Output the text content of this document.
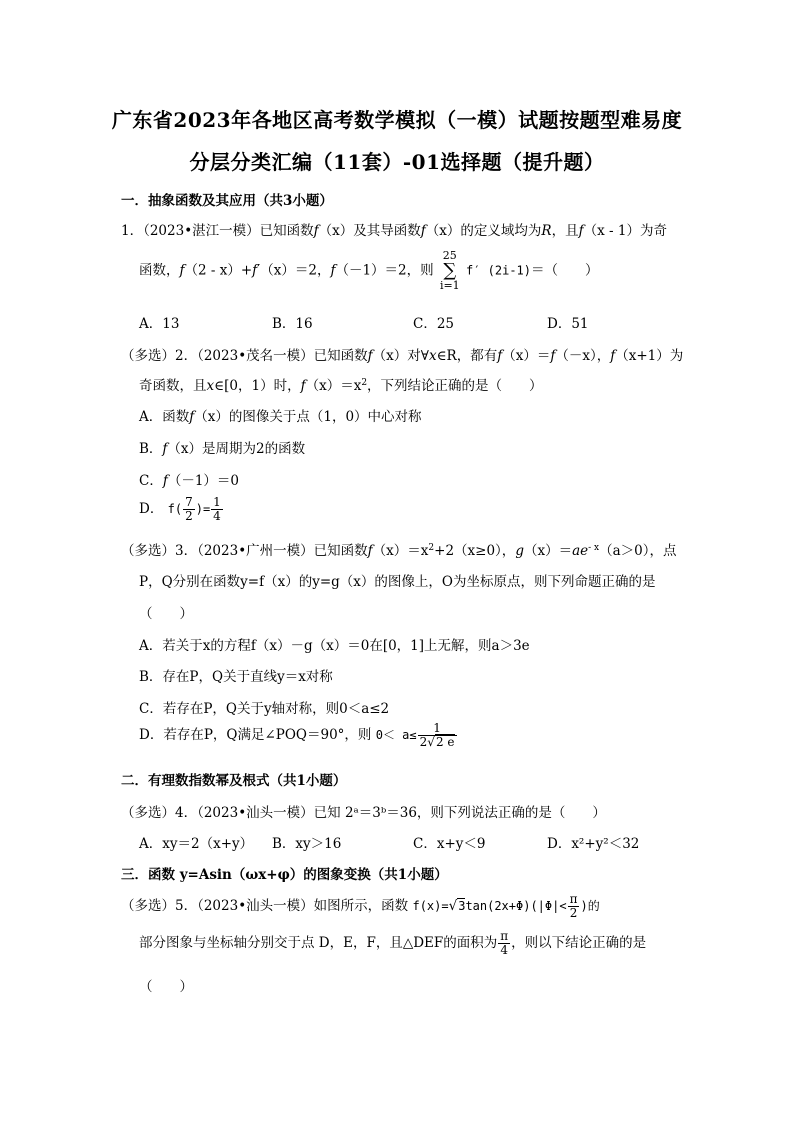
广东省2023年各地区高考数学模拟（一模）试题按题型难易度
分层分类汇编（11套）-01选择题（提升题）
一．抽象函数及其应用（共3小题）
1．（2023•湛江一模）已知函数f（x）及其导函数f（x）的定义域均为R，且f（x - 1）为奇
函数，f（2 - x）+f′（x）＝2，f（－1）＝2，则 25
∑
i=1 f′ (2i-1)＝（　　）
A．13	B．16	C．25	D．51
（多选）2．（2023•茂名一模）已知函数f（x）对∀x∈R，都有f（x）＝f（－x），f（x+1）为
奇函数，且x∈[0，1）时，$f(x)=x^2$，下列结论正确的是（　　）
A．函数f（x）的图像关于点（1，0）中心对称
B．f（x）是周期为2的函数
C．f（－1）＝0
D． $f( \frac{7}{2}$ )= $\frac{1}{4}$
（多选）3．（2023•广州一模）已知函数$f(x)=x^2+2(x\ge 0)$，$g(x)=ae^{- x}(a>0)$，点
P，Q分别在函数y=f（x）的y=g（x）的图像上，O为坐标原点，则下列命题正确的是
（　　）
A．若关于x的方程f（x）－g（x）＝0在[0，1]上无解，则a＞3e
B．存在P，Q关于直线y＝x对称
C．若存在P，Q关于y轴对称，则0＜a≤2
D．若存在P，Q满足∠POQ＝90°，则 $0< a\le \frac{1}{2√2 e}$
二．有理数指数幂及根式（共1小题）
（多选）4．（2023•汕头一模）已知 2ᵃ＝3ᵇ＝36，则下列说法正确的是（　　）
A．xy＝2（x+y） B．xy＞16	C．x+y＜9	D．x²+y²＜32
三．函数 y=Asin（ωx+φ）的图象变换（共1小题）
（多选）5．（2023•汕头一模）如图所示，函数 $f(x)=√3\tan(2x+\Phi)(|\Phi|< \frac{\pi}{2}$ )的
部分图象与坐标轴分别交于点 D，E，F，且△DEF的面积为 $\frac{\pi}{4}$ ，则以下结论正确的是
（　　）
